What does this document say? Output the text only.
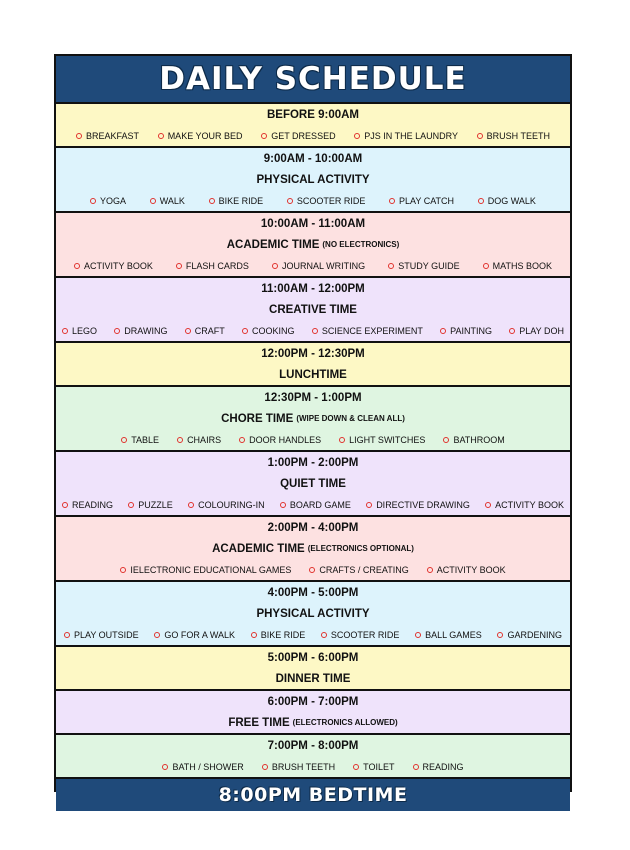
DAILY SCHEDULE
BEFORE 9:00AM
BREAKFAST	MAKE YOUR BED	GET DRESSED	PJS IN THE LAUNDRY	BRUSH TEETH
9:00AM - 10:00AM
PHYSICAL ACTIVITY
YOGA	WALK	BIKE RIDE	SCOOTER RIDE	PLAY CATCH	DOG WALK
10:00AM - 11:00AM
ACADEMIC TIME (NO ELECTRONICS)
ACTIVITY BOOK	FLASH CARDS	JOURNAL WRITING	STUDY GUIDE	MATHS BOOK
11:00AM - 12:00PM
CREATIVE TIME
LEGO	DRAWING	CRAFT	COOKING	SCIENCE EXPERIMENT	PAINTING	PLAY DOH
12:00PM - 12:30PM
LUNCHTIME
12:30PM - 1:00PM
CHORE TIME (WIPE DOWN & CLEAN ALL)
TABLE	CHAIRS	DOOR HANDLES	LIGHT SWITCHES	BATHROOM
1:00PM - 2:00PM
QUIET TIME
READING	PUZZLE	COLOURING-IN	BOARD GAME	DIRECTIVE DRAWING	ACTIVITY BOOK
2:00PM - 4:00PM
ACADEMIC TIME (ELECTRONICS OPTIONAL)
IELECTRONIC EDUCATIONAL GAMES	CRAFTS / CREATING	ACTIVITY BOOK
4:00PM - 5:00PM
PHYSICAL ACTIVITY
PLAY OUTSIDE	GO FOR A WALK	BIKE RIDE	SCOOTER RIDE	BALL GAMES	GARDENING
5:00PM - 6:00PM
DINNER TIME
6:00PM - 7:00PM
FREE TIME (ELECTRONICS ALLOWED)
7:00PM - 8:00PM
BATH / SHOWER	BRUSH TEETH	TOILET	READING
8:00PM BEDTIME
